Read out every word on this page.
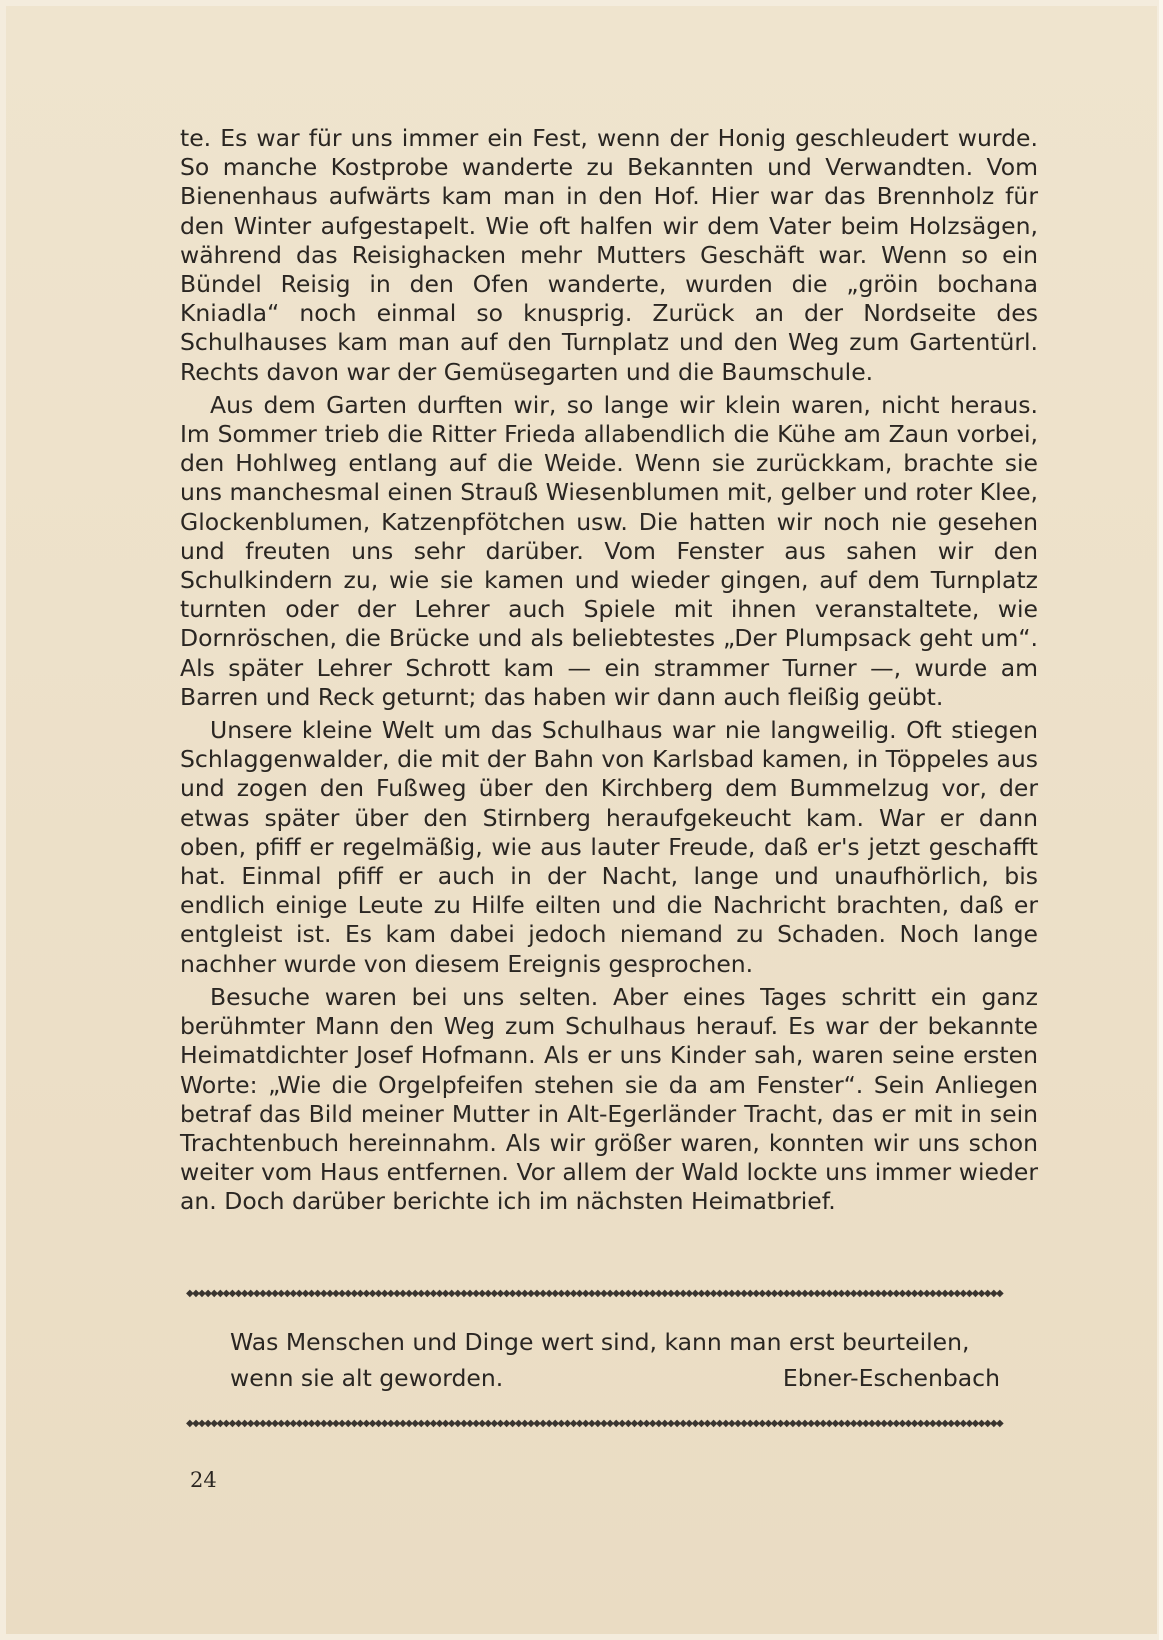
te. Es war für uns immer ein Fest, wenn der Honig geschleudert wurde. So manche Kostprobe wanderte zu Bekannten und Verwandten. Vom Bienenhaus aufwärts kam man in den Hof. Hier war das Brennholz für den Winter aufgestapelt. Wie oft halfen wir dem Vater beim Holzsägen, während das Reisighacken mehr Mutters Geschäft war. Wenn so ein Bündel Reisig in den Ofen wanderte, wurden die „gröin bochana Kniadla“ noch einmal so knusprig. Zurück an der Nordseite des Schulhauses kam man auf den Turnplatz und den Weg zum Gartentürl. Rechts davon war der Gemüsegarten und die Baumschule.

Aus dem Garten durften wir, so lange wir klein waren, nicht heraus. Im Sommer trieb die Ritter Frieda allabendlich die Kühe am Zaun vorbei, den Hohlweg entlang auf die Weide. Wenn sie zurückkam, brachte sie uns manchesmal einen Strauß Wiesenblumen mit, gelber und roter Klee, Glockenblumen, Katzenpfötchen usw. Die hatten wir noch nie gesehen und freuten uns sehr darüber. Vom Fenster aus sahen wir den Schulkindern zu, wie sie kamen und wieder gingen, auf dem Turnplatz turnten oder der Lehrer auch Spiele mit ihnen veranstaltete, wie Dornröschen, die Brücke und als beliebtestes „Der Plumpsack geht um“. Als später Lehrer Schrott kam — ein strammer Turner —, wurde am Barren und Reck geturnt; das haben wir dann auch fleißig geübt.

Unsere kleine Welt um das Schulhaus war nie langweilig. Oft stiegen Schlaggenwalder, die mit der Bahn von Karlsbad kamen, in Töppeles aus und zogen den Fußweg über den Kirchberg dem Bummelzug vor, der etwas später über den Stirnberg heraufgekeucht kam. War er dann oben, pfiff er regelmäßig, wie aus lauter Freude, daß er's jetzt geschafft hat. Einmal pfiff er auch in der Nacht, lange und unaufhörlich, bis endlich einige Leute zu Hilfe eilten und die Nachricht brachten, daß er entgleist ist. Es kam dabei jedoch niemand zu Schaden. Noch lange nachher wurde von diesem Ereignis gesprochen.

Besuche waren bei uns selten. Aber eines Tages schritt ein ganz berühmter Mann den Weg zum Schulhaus herauf. Es war der bekannte Heimatdichter Josef Hofmann. Als er uns Kinder sah, waren seine ersten Worte: „Wie die Orgelpfeifen stehen sie da am Fenster“. Sein Anliegen betraf das Bild meiner Mutter in Alt-Egerländer Tracht, das er mit in sein Trachtenbuch hereinnahm. Als wir größer waren, konnten wir uns schon weiter vom Haus entfernen. Vor allem der Wald lockte uns immer wieder an. Doch darüber berichte ich im nächsten Heimatbrief.

◆◆◆◆◆◆◆◆◆◆◆◆◆◆◆◆◆◆◆◆◆◆◆◆◆◆◆◆◆◆◆◆◆◆◆◆◆◆◆◆◆◆◆◆◆◆◆◆◆◆◆◆◆◆◆◆◆◆◆◆◆◆◆◆◆◆◆◆◆◆◆◆◆◆◆◆◆◆◆◆◆◆◆◆◆◆◆◆◆◆◆◆◆◆◆◆◆◆◆◆◆◆◆◆◆◆◆◆◆◆◆◆◆◆◆◆◆◆◆◆◆◆◆◆◆◆◆◆◆◆◆◆◆◆
Was Menschen und Dinge wert sind, kann man erst beurteilen,
wenn sie alt geworden.	Ebner-Eschenbach
◆◆◆◆◆◆◆◆◆◆◆◆◆◆◆◆◆◆◆◆◆◆◆◆◆◆◆◆◆◆◆◆◆◆◆◆◆◆◆◆◆◆◆◆◆◆◆◆◆◆◆◆◆◆◆◆◆◆◆◆◆◆◆◆◆◆◆◆◆◆◆◆◆◆◆◆◆◆◆◆◆◆◆◆◆◆◆◆◆◆◆◆◆◆◆◆◆◆◆◆◆◆◆◆◆◆◆◆◆◆◆◆◆◆◆◆◆◆◆◆◆◆◆◆◆◆◆◆◆◆◆◆◆◆
24
